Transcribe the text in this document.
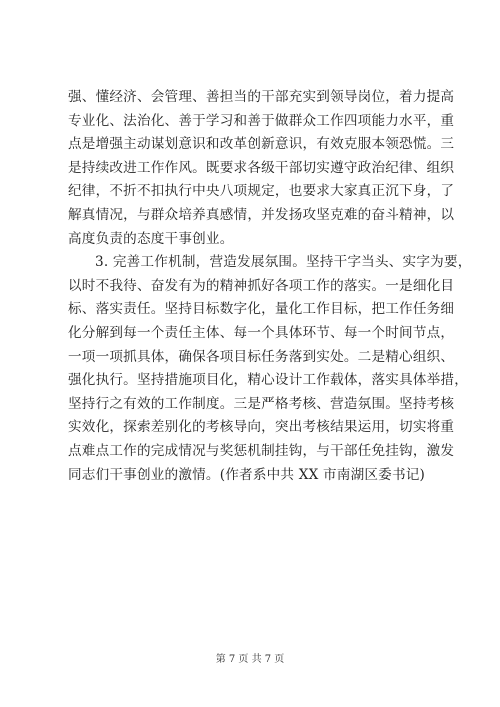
强、懂经济、会管理、善担当的干部充实到领导岗位，着力提高
专业化、法治化、善于学习和善于做群众工作四项能力水平，重
点是增强主动谋划意识和改革创新意识，有效克服本领恐慌。三
是持续改进工作作风。既要求各级干部切实遵守政治纪律、组织
纪律，不折不扣执行中央八项规定，也要求大家真正沉下身，了
解真情况，与群众培养真感情，并发扬攻坚克难的奋斗精神，以
高度负责的态度干事创业。
3. 完善工作机制，营造发展氛围。坚持干字当头、实字为要，
以时不我待、奋发有为的精神抓好各项工作的落实。一是细化目
标、落实责任。坚持目标数字化，量化工作目标，把工作任务细
化分解到每一个责任主体、每一个具体环节、每一个时间节点，
一项一项抓具体，确保各项目标任务落到实处。二是精心组织、
强化执行。坚持措施项目化，精心设计工作载体，落实具体举措，
坚持行之有效的工作制度。三是严格考核、营造氛围。坚持考核
实效化，探索差别化的考核导向，突出考核结果运用，切实将重
点难点工作的完成情况与奖惩机制挂钩，与干部任免挂钩，激发
同志们干事创业的激情。(作者系中共 XX 市南湖区委书记)
第 7 页 共 7 页
